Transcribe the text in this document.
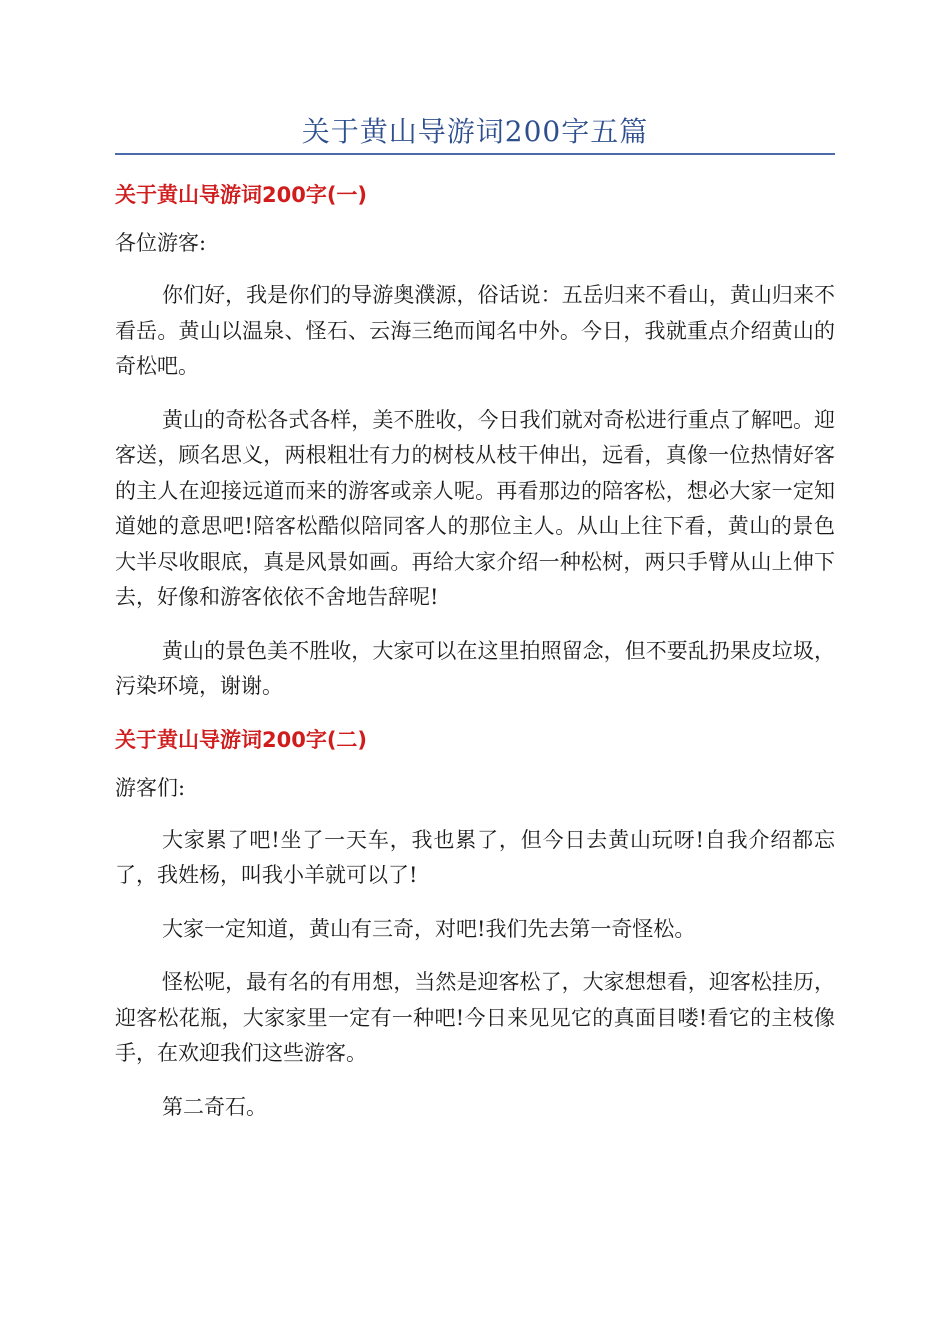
关于黄山导游词200字五篇

关于黄山导游词200字(一)

各位游客:

你们好，我是你们的导游奥濮源，俗话说：五岳归来不看山，黄山归来不看岳。黄山以温泉、怪石、云海三绝而闻名中外。今日，我就重点介绍黄山的奇松吧。

黄山的奇松各式各样，美不胜收，今日我们就对奇松进行重点了解吧。迎客送，顾名思义，两根粗壮有力的树枝从枝干伸出，远看，真像一位热情好客的主人在迎接远道而来的游客或亲人呢。再看那边的陪客松，想必大家一定知道她的意思吧!陪客松酷似陪同客人的那位主人。从山上往下看，黄山的景色大半尽收眼底，真是风景如画。再给大家介绍一种松树，两只手臂从山上伸下去，好像和游客依依不舍地告辞呢!

黄山的景色美不胜收，大家可以在这里拍照留念，但不要乱扔果皮垃圾，污染环境，谢谢。

关于黄山导游词200字(二)

游客们:

大家累了吧!坐了一天车，我也累了，但今日去黄山玩呀!自我介绍都忘了，我姓杨，叫我小羊就可以了!

大家一定知道，黄山有三奇，对吧!我们先去第一奇怪松。

怪松呢，最有名的有用想，当然是迎客松了，大家想想看，迎客松挂历，迎客松花瓶，大家家里一定有一种吧!今日来见见它的真面目喽!看它的主枝像手，在欢迎我们这些游客。

第二奇石。
